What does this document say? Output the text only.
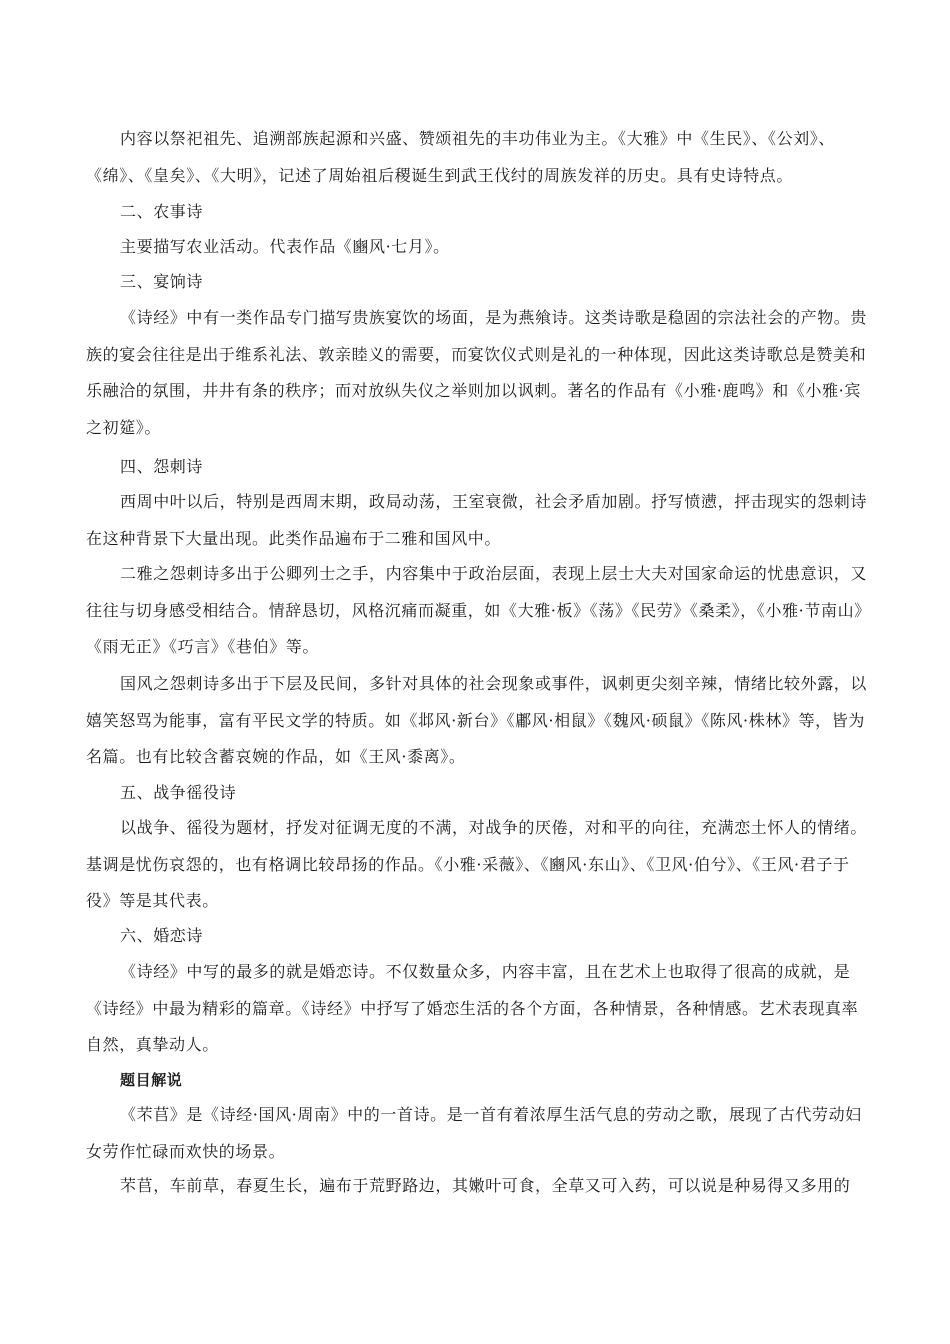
内容以祭祀祖先、追溯部族起源和兴盛、赞颂祖先的丰功伟业为主。《大雅》中《生民》、《公刘》、《绵》、《皇矣》、《大明》，记述了周始祖后稷诞生到武王伐纣的周族发祥的历史。具有史诗特点。

二、农事诗

主要描写农业活动。代表作品《豳风·七月》。

三、宴饷诗

《诗经》中有一类作品专门描写贵族宴饮的场面，是为燕飨诗。这类诗歌是稳固的宗法社会的产物。贵族的宴会往往是出于维系礼法、敦亲睦义的需要，而宴饮仪式则是礼的一种体现，因此这类诗歌总是赞美和乐融洽的氛围，井井有条的秩序；而对放纵失仪之举则加以讽刺。著名的作品有《小雅·鹿鸣》和《小雅·宾之初筵》。

四、怨刺诗

西周中叶以后，特别是西周末期，政局动荡，王室衰微，社会矛盾加剧。抒写愤懑，抨击现实的怨刺诗在这种背景下大量出现。此类作品遍布于二雅和国风中。

二雅之怨刺诗多出于公卿列士之手，内容集中于政治层面，表现上层士大夫对国家命运的忧患意识，又往往与切身感受相结合。情辞恳切，风格沉痛而凝重，如《大雅·板》《荡》《民劳》《桑柔》，《小雅·节南山》《雨无正》《巧言》《巷伯》等。

国风之怨刺诗多出于下层及民间，多针对具体的社会现象或事件，讽刺更尖刻辛辣，情绪比较外露，以嬉笑怒骂为能事，富有平民文学的特质。如《邶风·新台》《鄘风·相鼠》《魏风·硕鼠》《陈风·株林》等，皆为名篇。也有比较含蓄哀婉的作品，如《王风·黍离》。

五、战争徭役诗

以战争、徭役为题材，抒发对征调无度的不满，对战争的厌倦，对和平的向往，充满恋土怀人的情绪。基调是忧伤哀怨的，也有格调比较昂扬的作品。《小雅·采薇》、《豳风·东山》、《卫风·伯兮》、《王风·君子于役》等是其代表。

六、婚恋诗

《诗经》中写的最多的就是婚恋诗。不仅数量众多，内容丰富，且在艺术上也取得了很高的成就，是《诗经》中最为精彩的篇章。《诗经》中抒写了婚恋生活的各个方面，各种情景，各种情感。艺术表现真率自然，真挚动人。

题目解说

《芣苢》是《诗经·国风·周南》中的一首诗。是一首有着浓厚生活气息的劳动之歌，展现了古代劳动妇女劳作忙碌而欢快的场景。

芣苢，车前草，春夏生长，遍布于荒野路边，其嫩叶可食，全草又可入药，可以说是种易得又多用的
